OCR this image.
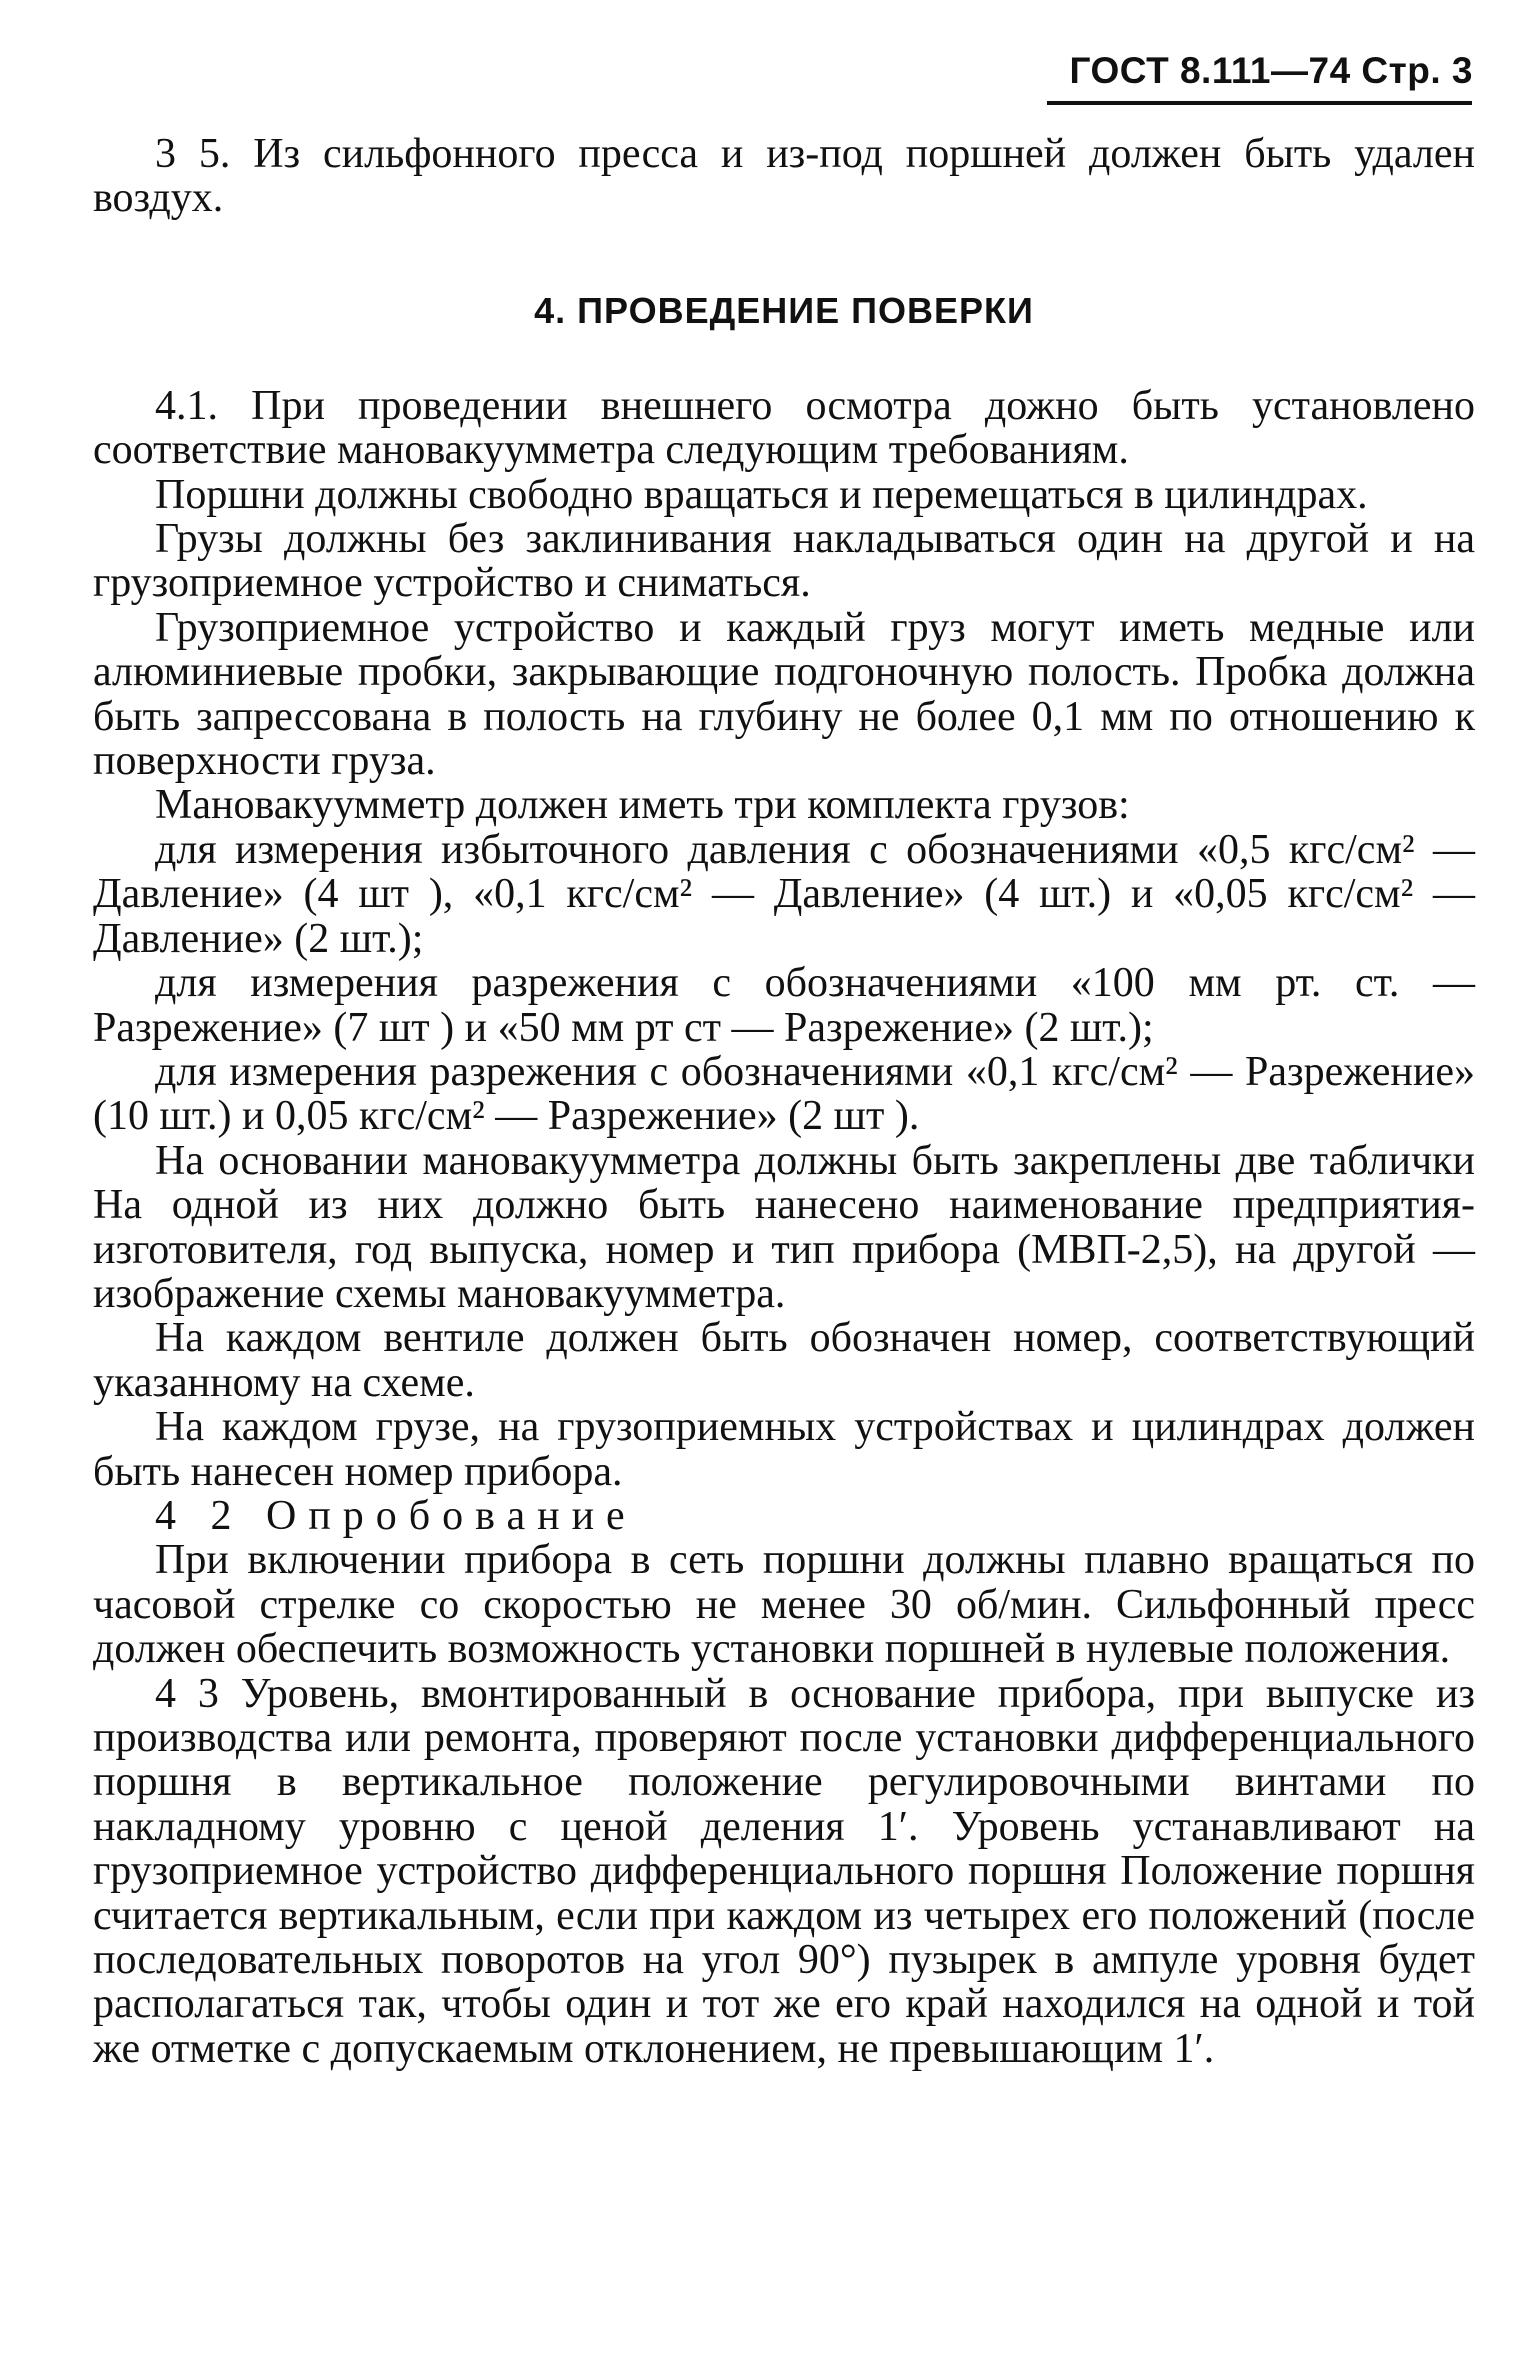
ГОСТ 8.111—74 Стр. 3

3 5. Из сильфонного пресса и из-под поршней должен быть удален воздух.

4. ПРОВЕДЕНИЕ ПОВЕРКИ

4.1. При проведении внешнего осмотра дожно быть установлено соответствие мановакуумметра следующим требованиям.

Поршни должны свободно вращаться и перемещаться в цилиндрах.

Грузы должны без заклинивания накладываться один на другой и на грузоприемное устройство и сниматься.

Грузоприемное устройство и каждый груз могут иметь медные или алюминиевые пробки, закрывающие подгоночную полость. Пробка должна быть запрессована в полость на глубину не более 0,1 мм по отношению к поверхности груза.

Мановакуумметр должен иметь три комплекта грузов:

для измерения избыточного давления с обозначениями «0,5 кгс/см² — Давление» (4 шт ), «0,1 кгс/см² — Давление» (4 шт.) и «0,05 кгс/см² — Давление» (2 шт.);

для измерения разрежения с обозначениями «100 мм рт. ст. — Разрежение» (7 шт ) и «50 мм рт ст — Разрежение» (2 шт.);

для измерения разрежения с обозначениями «0,1 кгс/см² — Разрежение» (10 шт.) и 0,05 кгс/см² — Разрежение» (2 шт ).

На основании мановакуумметра должны быть закреплены две таблички На одной из них должно быть нанесено наименование предприятия-изготовителя, год выпуска, номер и тип прибора (МВП-2,5), на другой — изображение схемы мановакуумметра.

На каждом вентиле должен быть обозначен номер, соответствующий указанному на схеме.

На каждом грузе, на грузоприемных устройствах и цилиндрах должен быть нанесен номер прибора.

4 2 Опробование

При включении прибора в сеть поршни должны плавно вращаться по часовой стрелке со скоростью не менее 30 об/мин. Сильфонный пресс должен обеспечить возможность установки поршней в нулевые положения.

4 3 Уровень, вмонтированный в основание прибора, при выпуске из производства или ремонта, проверяют после установки дифференциального поршня в вертикальное положение регулировочными винтами по накладному уровню с ценой деления 1′. Уровень устанавливают на грузоприемное устройство дифференциального поршня Положение поршня считается вертикальным, если при каждом из четырех его положений (после последовательных поворотов на угол 90°) пузырек в ампуле уровня будет располагаться так, чтобы один и тот же его край находился на одной и той же отметке с допускаемым отклонением, не превышающим 1′.
